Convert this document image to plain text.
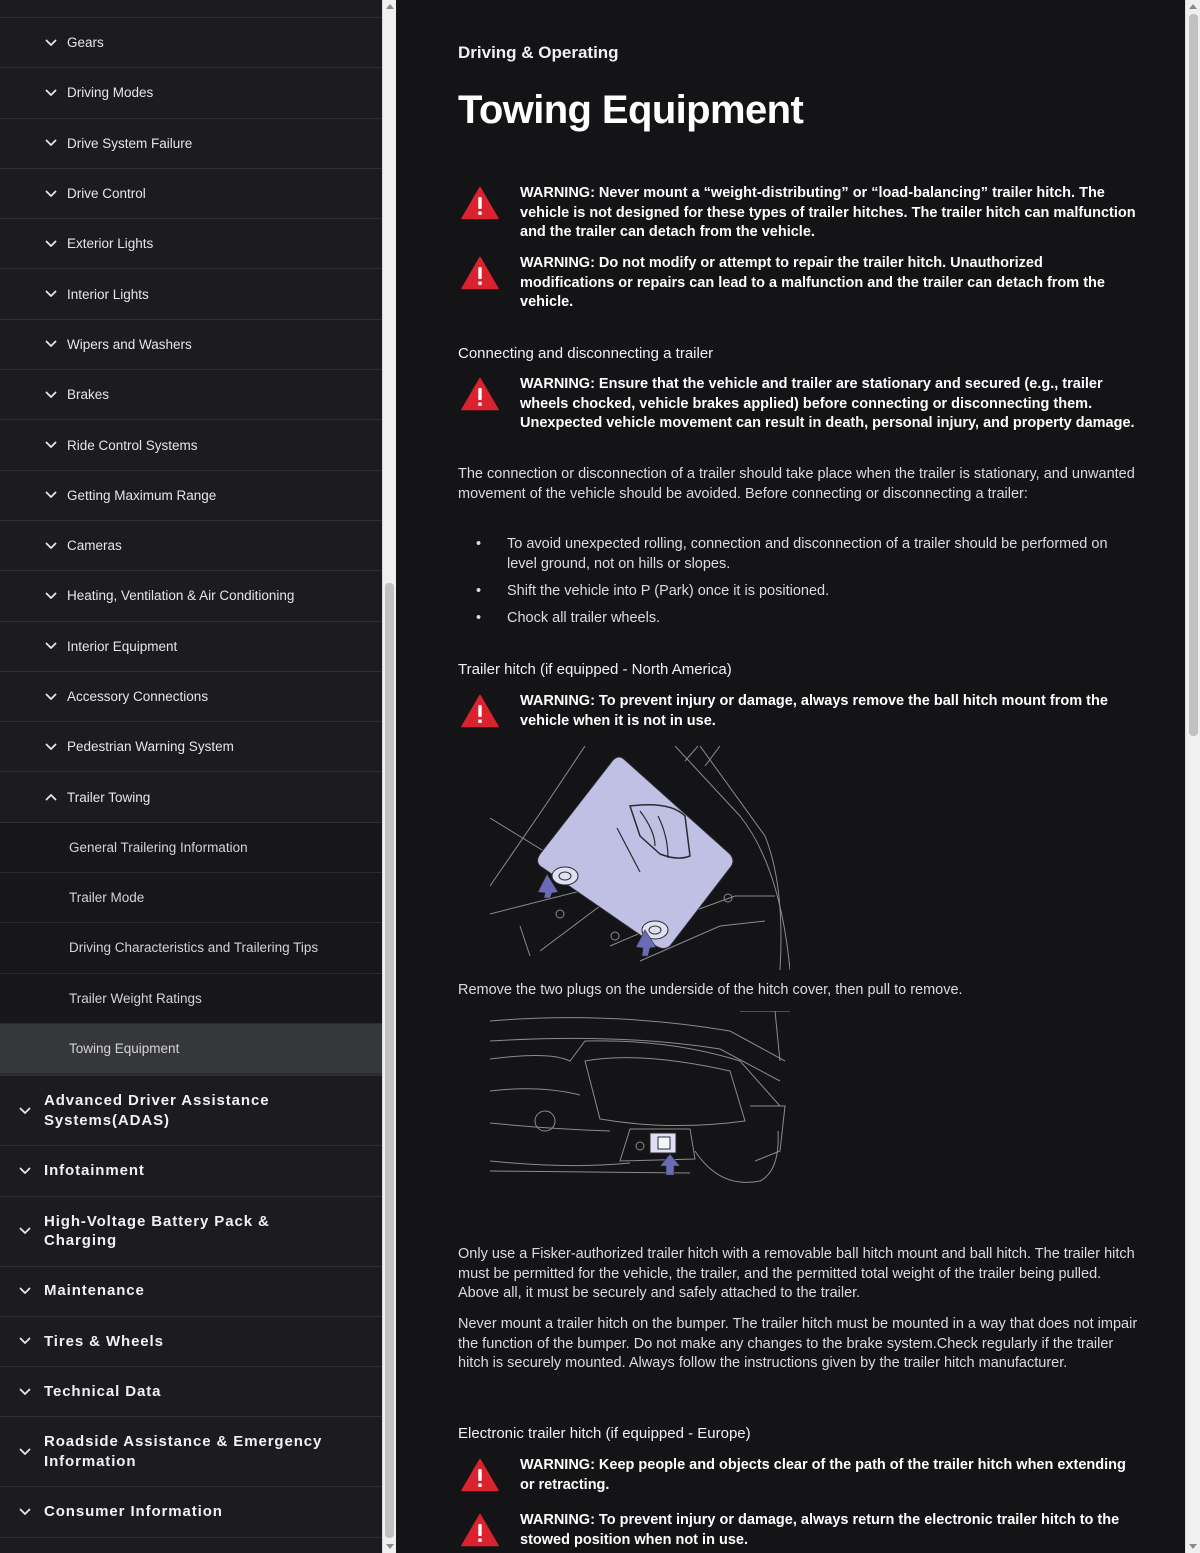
Gears
Driving Modes
Drive System Failure
Drive Control
Exterior Lights
Interior Lights
Wipers and Washers
Brakes
Ride Control Systems
Getting Maximum Range
Cameras
Heating, Ventilation & Air Conditioning
Interior Equipment
Accessory Connections
Pedestrian Warning System
Trailer Towing
General Trailering Information
Trailer Mode
Driving Characteristics and Trailering Tips
Trailer Weight Ratings
Towing Equipment
Advanced Driver Assistance Systems(ADAS)
Infotainment
High-Voltage Battery Pack & Charging
Maintenance
Tires & Wheels
Technical Data
Roadside Assistance & Emergency Information
Consumer Information
Driving & Operating
Towing Equipment
WARNING: Never mount a “weight-distributing” or “load-balancing” trailer hitch. The vehicle is not designed for these types of trailer hitches. The trailer hitch can malfunction and the trailer can detach from the vehicle.
WARNING: Do not modify or attempt to repair the trailer hitch. Unauthorized modifications or repairs can lead to a malfunction and the trailer can detach from the vehicle.
Connecting and disconnecting a trailer
WARNING: Ensure that the vehicle and trailer are stationary and secured (e.g., trailer wheels chocked, vehicle brakes applied) before connecting or disconnecting them. Unexpected vehicle movement can result in death, personal injury, and property damage.
The connection or disconnection of a trailer should take place when the trailer is stationary, and unwanted movement of the vehicle should be avoided. Before connecting or disconnecting a trailer:
•	To avoid unexpected rolling, connection and disconnection of a trailer should be performed on level ground, not on hills or slopes.
•	Shift the vehicle into P (Park) once it is positioned.
•	Chock all trailer wheels.
Trailer hitch (if equipped - North America)
WARNING: To prevent injury or damage, always remove the ball hitch mount from the vehicle when it is not in use.
Remove the two plugs on the underside of the hitch cover, then pull to remove.
Only use a Fisker-authorized trailer hitch with a removable ball hitch mount and ball hitch. The trailer hitch must be permitted for the vehicle, the trailer, and the permitted total weight of the trailer being pulled. Above all, it must be securely and safely attached to the trailer.
Never mount a trailer hitch on the bumper. The trailer hitch must be mounted in a way that does not impair the function of the bumper. Do not make any changes to the brake system.Check regularly if the trailer hitch is securely mounted. Always follow the instructions given by the trailer hitch manufacturer.
Electronic trailer hitch (if equipped - Europe)
WARNING: Keep people and objects clear of the path of the trailer hitch when extending or retracting.
WARNING: To prevent injury or damage, always return the electronic trailer hitch to the stowed position when not in use.
